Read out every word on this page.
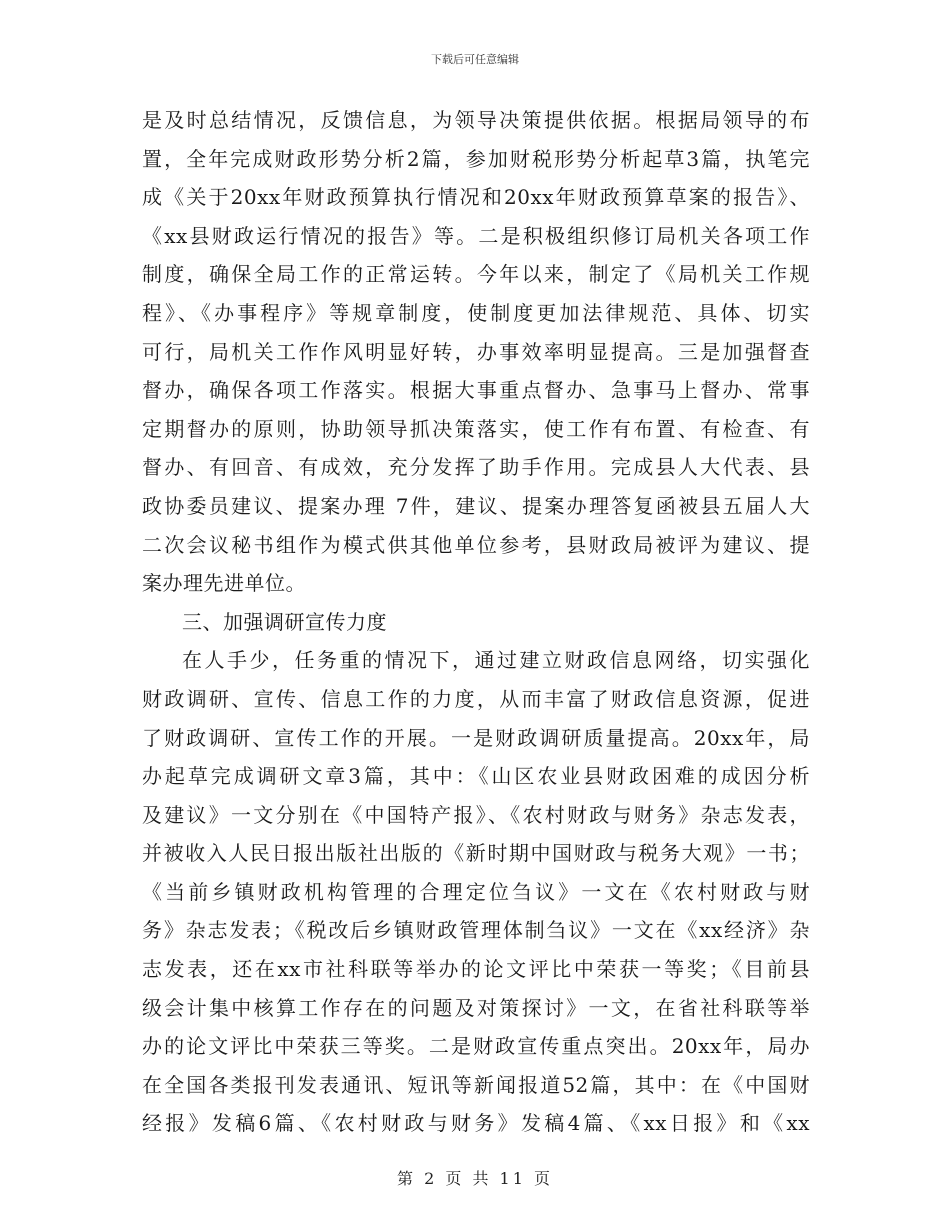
下载后可任意编辑
是及时总结情况，反馈信息，为领导决策提供依据。根据局领导的布
置，全年完成财政形势分析2篇，参加财税形势分析起草3篇，执笔完
成《关于20xx年财政预算执行情况和20xx年财政预算草案的报告》、
《xx县财政运行情况的报告》等。二是积极组织修订局机关各项工作
制度，确保全局工作的正常运转。今年以来，制定了《局机关工作规
程》、《办事程序》等规章制度，使制度更加法律规范、具体、切实
可行，局机关工作作风明显好转，办事效率明显提高。三是加强督查
督办，确保各项工作落实。根据大事重点督办、急事马上督办、常事
定期督办的原则，协助领导抓决策落实，使工作有布置、有检查、有
督办、有回音、有成效，充分发挥了助手作用。完成县人大代表、县
政协委员建议、提案办理 7件，建议、提案办理答复函被县五届人大
二次会议秘书组作为模式供其他单位参考，县财政局被评为建议、提
案办理先进单位。
三、加强调研宣传力度
在人手少，任务重的情况下，通过建立财政信息网络，切实强化
财政调研、宣传、信息工作的力度，从而丰富了财政信息资源，促进
了财政调研、宣传工作的开展。一是财政调研质量提高。20xx年，局
办起草完成调研文章3篇，其中：《山区农业县财政困难的成因分析
及建议》一文分别在《中国特产报》、《农村财政与财务》杂志发表，
并被收入人民日报出版社出版的《新时期中国财政与税务大观》一书；
《当前乡镇财政机构管理的合理定位刍议》一文在《农村财政与财
务》杂志发表；《税改后乡镇财政管理体制刍议》一文在《xx经济》杂
志发表，还在xx市社科联等举办的论文评比中荣获一等奖；《目前县
级会计集中核算工作存在的问题及对策探讨》一文，在省社科联等举
办的论文评比中荣获三等奖。二是财政宣传重点突出。20xx年，局办
在全国各类报刊发表通讯、短讯等新闻报道52篇，其中：在《中国财
经报》发稿6篇、《农村财政与财务》发稿4篇、《xx日报》和《xx
第 2 页 共 11 页
